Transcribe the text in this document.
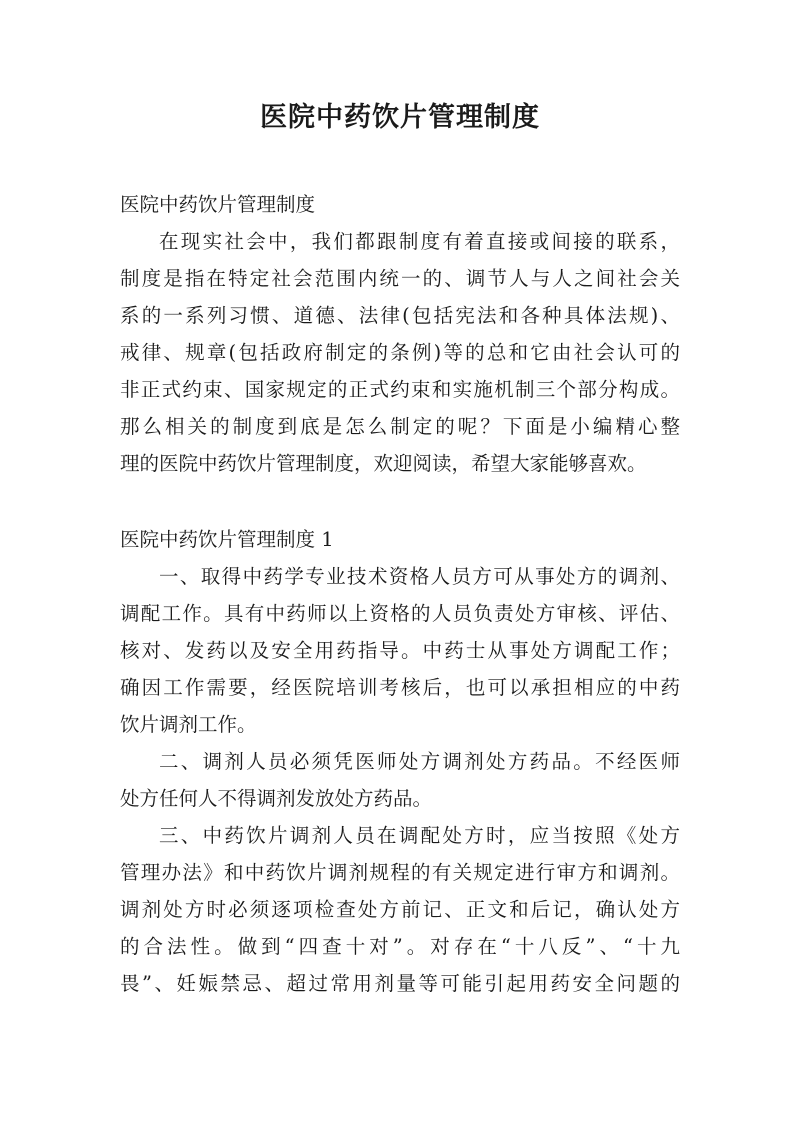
医院中药饮片管理制度
医院中药饮片管理制度
在现实社会中，我们都跟制度有着直接或间接的联系，
制度是指在特定社会范围内统一的、调节人与人之间社会关
系的一系列习惯、道德、法律(包括宪法和各种具体法规)、
戒律、规章(包括政府制定的条例)等的总和它由社会认可的
非正式约束、国家规定的正式约束和实施机制三个部分构成。
那么相关的制度到底是怎么制定的呢？下面是小编精心整
理的医院中药饮片管理制度，欢迎阅读，希望大家能够喜欢。
医院中药饮片管理制度 1
一、取得中药学专业技术资格人员方可从事处方的调剂、
调配工作。具有中药师以上资格的人员负责处方审核、评估、
核对、发药以及安全用药指导。中药士从事处方调配工作；
确因工作需要，经医院培训考核后，也可以承担相应的中药
饮片调剂工作。
二、调剂人员必须凭医师处方调剂处方药品。不经医师
处方任何人不得调剂发放处方药品。
三、中药饮片调剂人员在调配处方时，应当按照《处方
管理办法》和中药饮片调剂规程的有关规定进行审方和调剂。
调剂处方时必须逐项检查处方前记、正文和后记，确认处方
的合法性。做到“四查十对”。对存在“十八反”、“十九
畏”、妊娠禁忌、超过常用剂量等可能引起用药安全问题的
